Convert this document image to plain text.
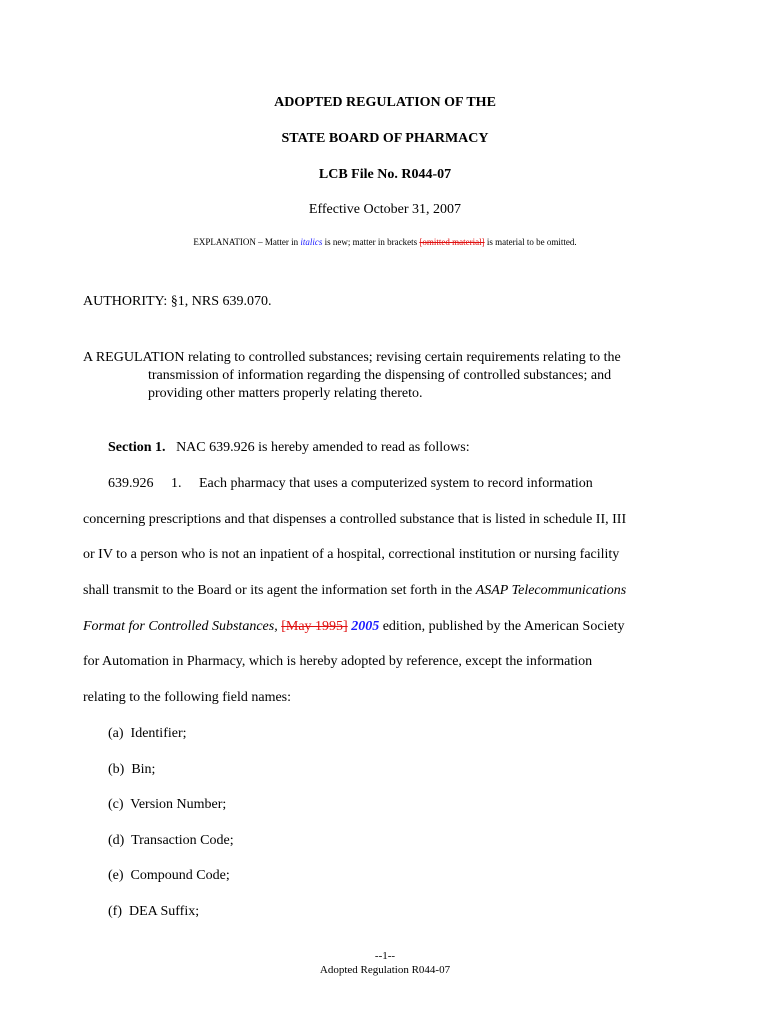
ADOPTED REGULATION OF THE
STATE BOARD OF PHARMACY
LCB File No. R044-07
Effective October 31, 2007
EXPLANATION – Matter in italics is new; matter in brackets [omitted material] is material to be omitted.
AUTHORITY: §1, NRS 639.070.
A REGULATION relating to controlled substances; revising certain requirements relating to the
transmission of information regarding the dispensing of controlled substances; and
providing other matters properly relating thereto.
Section 1. NAC 639.926 is hereby amended to read as follows:
639.926     1.     Each pharmacy that uses a computerized system to record information
concerning prescriptions and that dispenses a controlled substance that is listed in schedule II, III
or IV to a person who is not an inpatient of a hospital, correctional institution or nursing facility
shall transmit to the Board or its agent the information set forth in the ASAP Telecommunications
Format for Controlled Substances, [May 1995] 2005 edition, published by the American Society
for Automation in Pharmacy, which is hereby adopted by reference, except the information
relating to the following field names:
(a)  Identifier;
(b)  Bin;
(c)  Version Number;
(d)  Transaction Code;
(e)  Compound Code;
(f)  DEA Suffix;
--1--
Adopted Regulation R044-07
